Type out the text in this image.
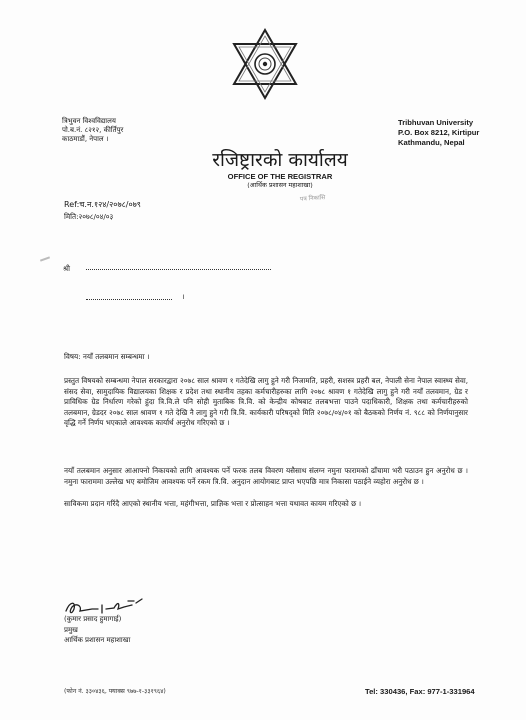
त्रिभुवन विश्वविद्यालय
पो.ब.नं. ८२१२, कीर्तिपुर
काठमाडौं, नेपाल ।
Tribhuvan University
P.O. Box 8212, Kirtipur
Kathmandu, Nepal
रजिष्ट्रारको कार्यालय
OFFICE OF THE REGISTRAR
(आर्थिक प्रशासन महाशाखा)
पत्र निकासि
Ref:च.न.१२४/२०७८/०७९
मिति:२०७८/०४/०३
श्री
।
विषय: नयाँ तलबमान सम्बन्धमा ।
प्रस्तुत विषयको सम्बन्धमा नेपाल सरकारद्वारा २०७८ साल श्रावण १ गतेदेखि लागु हुने गरी निजामति, प्रहरी, सशस्त्र प्रहरी बल, नेपाली सेना नेपाल स्वास्थ्य सेवा, संसद सेवा, सामुदायिक विद्यालयका शिक्षक र प्रदेश तथा स्थानीय तहका कर्मचारीहरुका लागि २०७८ श्रावण १ गतेदेखि लागु हुने गरी नयाँ तलवमान, ग्रेड र प्राविधिक ग्रेड निर्धारण गरेको हुंदा त्रि.वि.ले पनि सोही मुताबिक त्रि.वि. को केन्द्रीय कोषबाट तलबभत्ता पाउने पदाधिकारी, शिक्षक तथा कर्मचारीहरुको तलबमान, ग्रेडदर २०७८ साल श्रावण १ गते देखि नै लागु हुने गरी त्रि.वि. कार्यकारी परिषद्को मिति २०७८/०४/०१ को बैठकको निर्णय नं. ९८८ को निर्णयानुसार वृद्धि गर्ने निर्णय भएकाले आवश्यक कार्यार्थ अनुरोध गरिएको छ ।
नयाँ तलबमान अनुसार आआफ्नो निकायको लागि आवश्यक पर्ने फरक तलब विवरण यसैसाथ संलग्न नमुना फारामको ढाँचामा भरी पठाउन हुन अनुरोध छ । नमुना फाराममा उल्लेख भए बमोजिम आवश्यक पर्ने रकम त्रि.वि. अनुदान आयोगबाट प्राप्त भएपछि मात्र निकासा पठाईने व्यहोरा अनुरोध छ ।
साविकमा प्रदान गरिंदै आएको स्थानीय भत्ता, महंगीभत्ता, प्राज्ञिक भत्ता र प्रोत्साहन भत्ता यथावत कायम गरिएको छ ।
(कुमार प्रसाद हुमागाई)
प्रमुख
आर्थिक प्रशासन महाशाखा
(फोन नं. ३३०४३६, फ्याक्स ९७७-१-३३१९६४)	Tel: 330436, Fax: 977-1-331964
